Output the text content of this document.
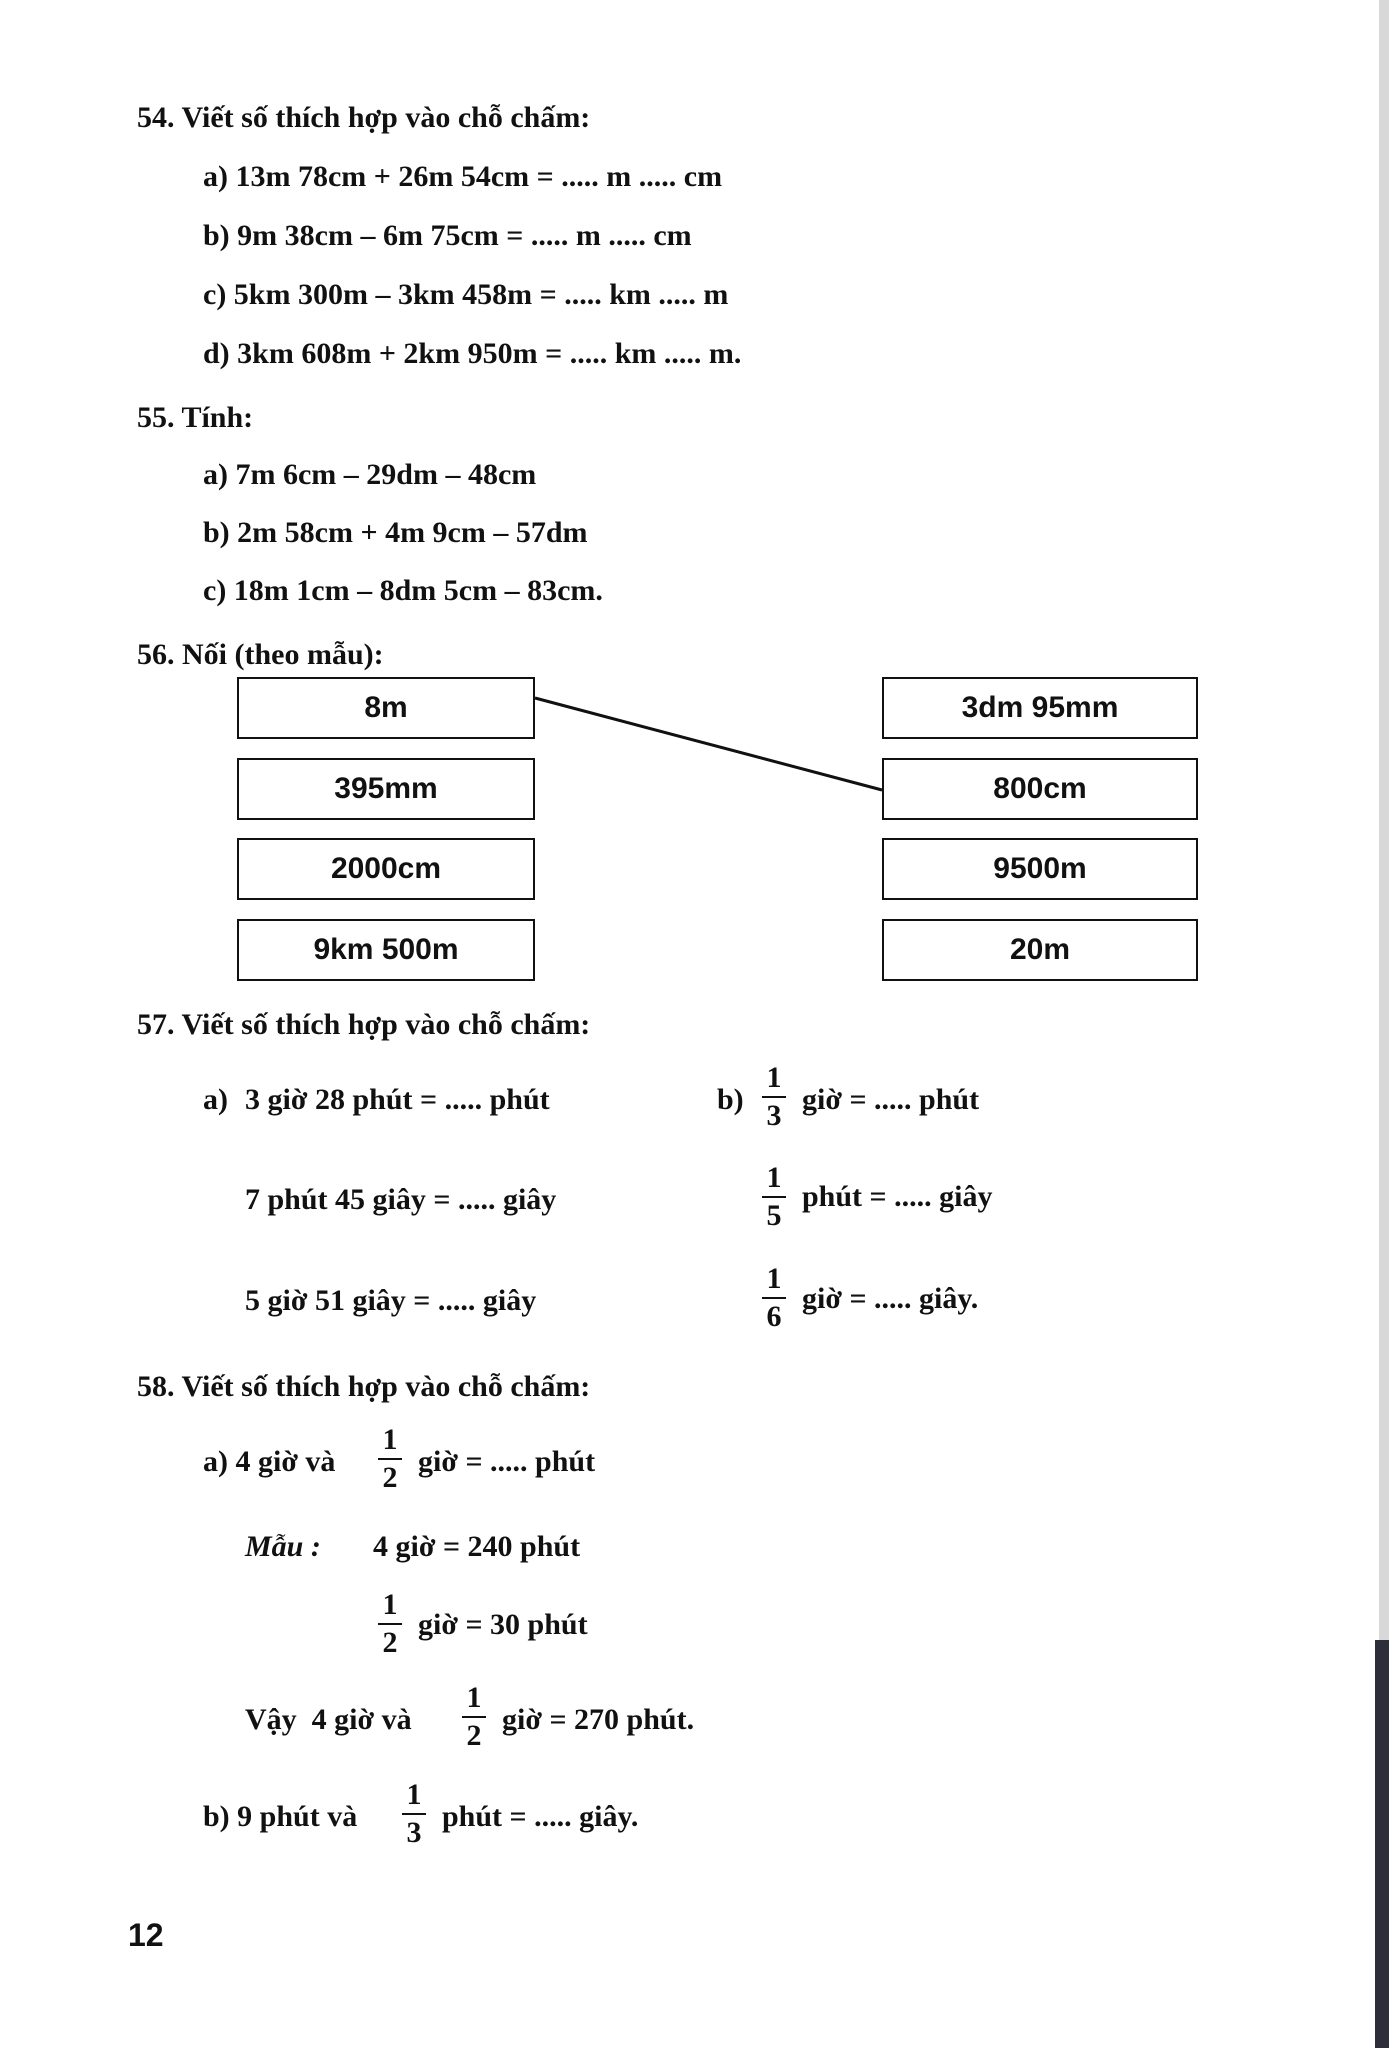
54. Viết số thích hợp vào chỗ chấm:
a) 13m 78cm + 26m 54cm = ..... m ..... cm
b) 9m 38cm – 6m 75cm = ..... m ..... cm
c) 5km 300m – 3km 458m = ..... km ..... m
d) 3km 608m + 2km 950m = ..... km ..... m.
55. Tính:
a) 7m 6cm – 29dm – 48cm
b) 2m 58cm + 4m 9cm – 57dm
c) 18m 1cm – 8dm 5cm – 83cm.
56. Nối (theo mẫu):
8m
395mm
2000cm
9km 500m
3dm 95mm
800cm
9500m
20m
57. Viết số thích hợp vào chỗ chấm:
a) 3 giờ 28 phút = ..... phút
7 phút 45 giây = ..... giây
5 giờ 51 giây = ..... giây
b)
1
3 giờ = ..... phút
1
5
phút = ..... giây
1
6
giờ = ..... giây.
58. Viết số thích hợp vào chỗ chấm:
a) 4 giờ và
1
2 giờ = ..... phút
Mẫu : 4 giờ = 240 phút
1
2
giờ = 30 phút
Vậy  4 giờ và
1
2 giờ = 270 phút.
b) 9 phút và
1
3 phút = ..... giây.
12
